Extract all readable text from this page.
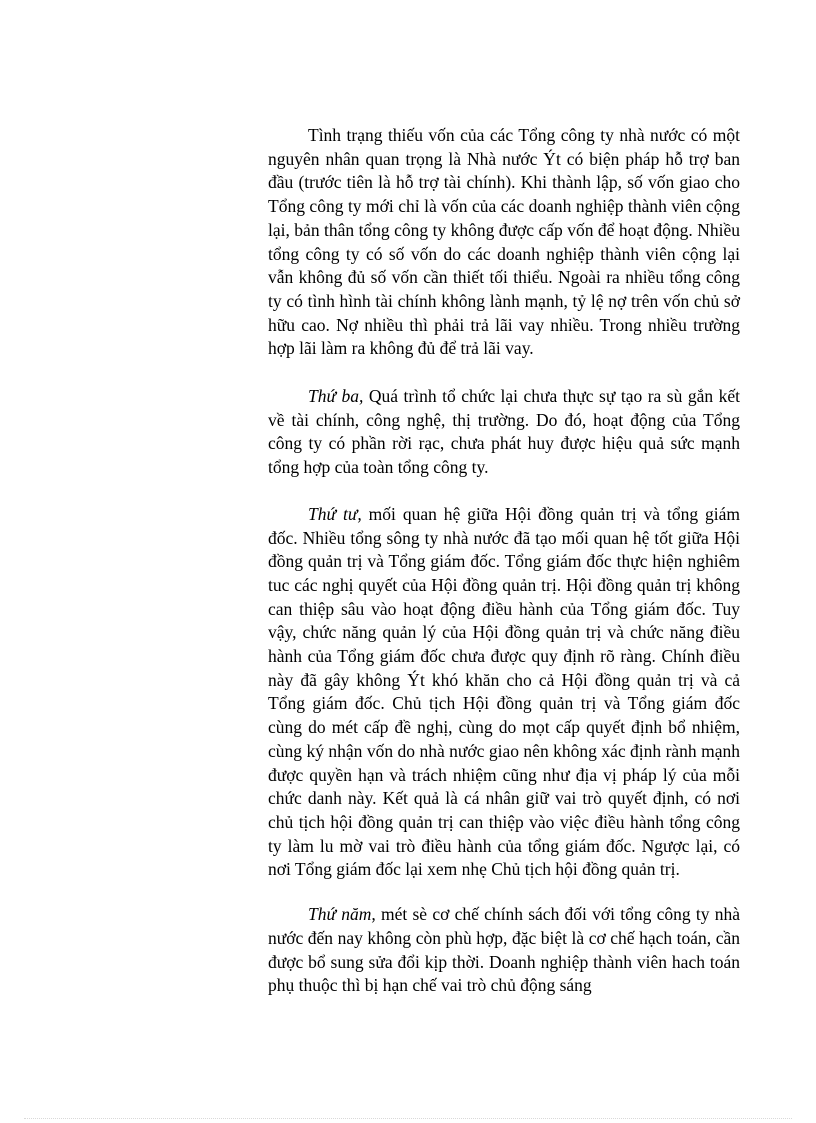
Tình trạng thiếu vốn của các Tổng công ty nhà nước có một nguyên nhân quan trọng là Nhà nước Ýt có biện pháp hỗ trợ ban đầu (trước tiên là hỗ trợ tài chính). Khi thành lập, số vốn giao cho Tổng công ty mới chỉ là vốn của các doanh nghiệp thành viên cộng lại, bản thân tổng công ty không được cấp vốn để hoạt động. Nhiều tổng công ty có số vốn do các doanh nghiệp thành viên cộng lại vẫn không đủ số vốn cần thiết tối thiểu. Ngoài ra nhiều tổng công ty có tình hình tài chính không lành mạnh, tỷ lệ nợ trên vốn chủ sở hữu cao. Nợ nhiều thì phải trả lãi vay nhiều. Trong nhiều trường hợp lãi làm ra không đủ để trả lãi vay.

Thứ ba, Quá trình tổ chức lại chưa thực sự tạo ra sù gắn kết về tài chính, công nghệ, thị trường. Do đó, hoạt động của Tổng công ty có phần rời rạc, chưa phát huy được hiệu quả sức mạnh tổng hợp của toàn tổng công ty.

Thứ tư, mối quan hệ giữa Hội đồng quản trị và tổng giám đốc. Nhiều tổng sông ty nhà nước đã tạo mối quan hệ tốt giữa Hội đồng quản trị và Tổng giám đốc. Tổng giám đốc thực hiện nghiêm tuc các nghị quyết của Hội đồng quản trị. Hội đồng quản trị không can thiệp sâu vào hoạt động điều hành của Tổng giám đốc. Tuy vậy, chức năng quản lý của Hội đồng quản trị và chức năng điều hành của Tổng giám đốc chưa được quy định rõ ràng. Chính điều này đã gây không Ýt khó khăn cho cả Hội đồng quản trị và cả Tổng giám đốc. Chủ tịch Hội đồng quản trị và Tổng giám đốc cùng do mét cấp đề nghị, cùng do mọt cấp quyết định bổ nhiệm, cùng ký nhận vốn do nhà nước giao nên không xác định rành mạnh được quyền hạn và trách nhiệm cũng như địa vị pháp lý của mỗi chức danh này. Kết quả là cá nhân giữ vai trò quyết định, có nơi chủ tịch hội đồng quản trị can thiệp vào việc điều hành tổng công ty làm lu mờ vai trò điều hành của tổng giám đốc. Ngược lại, có nơi Tổng giám đốc lại xem nhẹ Chủ tịch hội đồng quản trị.

Thứ năm, mét sè cơ chế chính sách đối với tổng công ty nhà nước đến nay không còn phù hợp, đặc biệt là cơ chế hạch toán, cần được bổ sung sửa đổi kịp thời. Doanh nghiệp thành viên hach toán phụ thuộc thì bị hạn chế vai trò chủ động sáng
